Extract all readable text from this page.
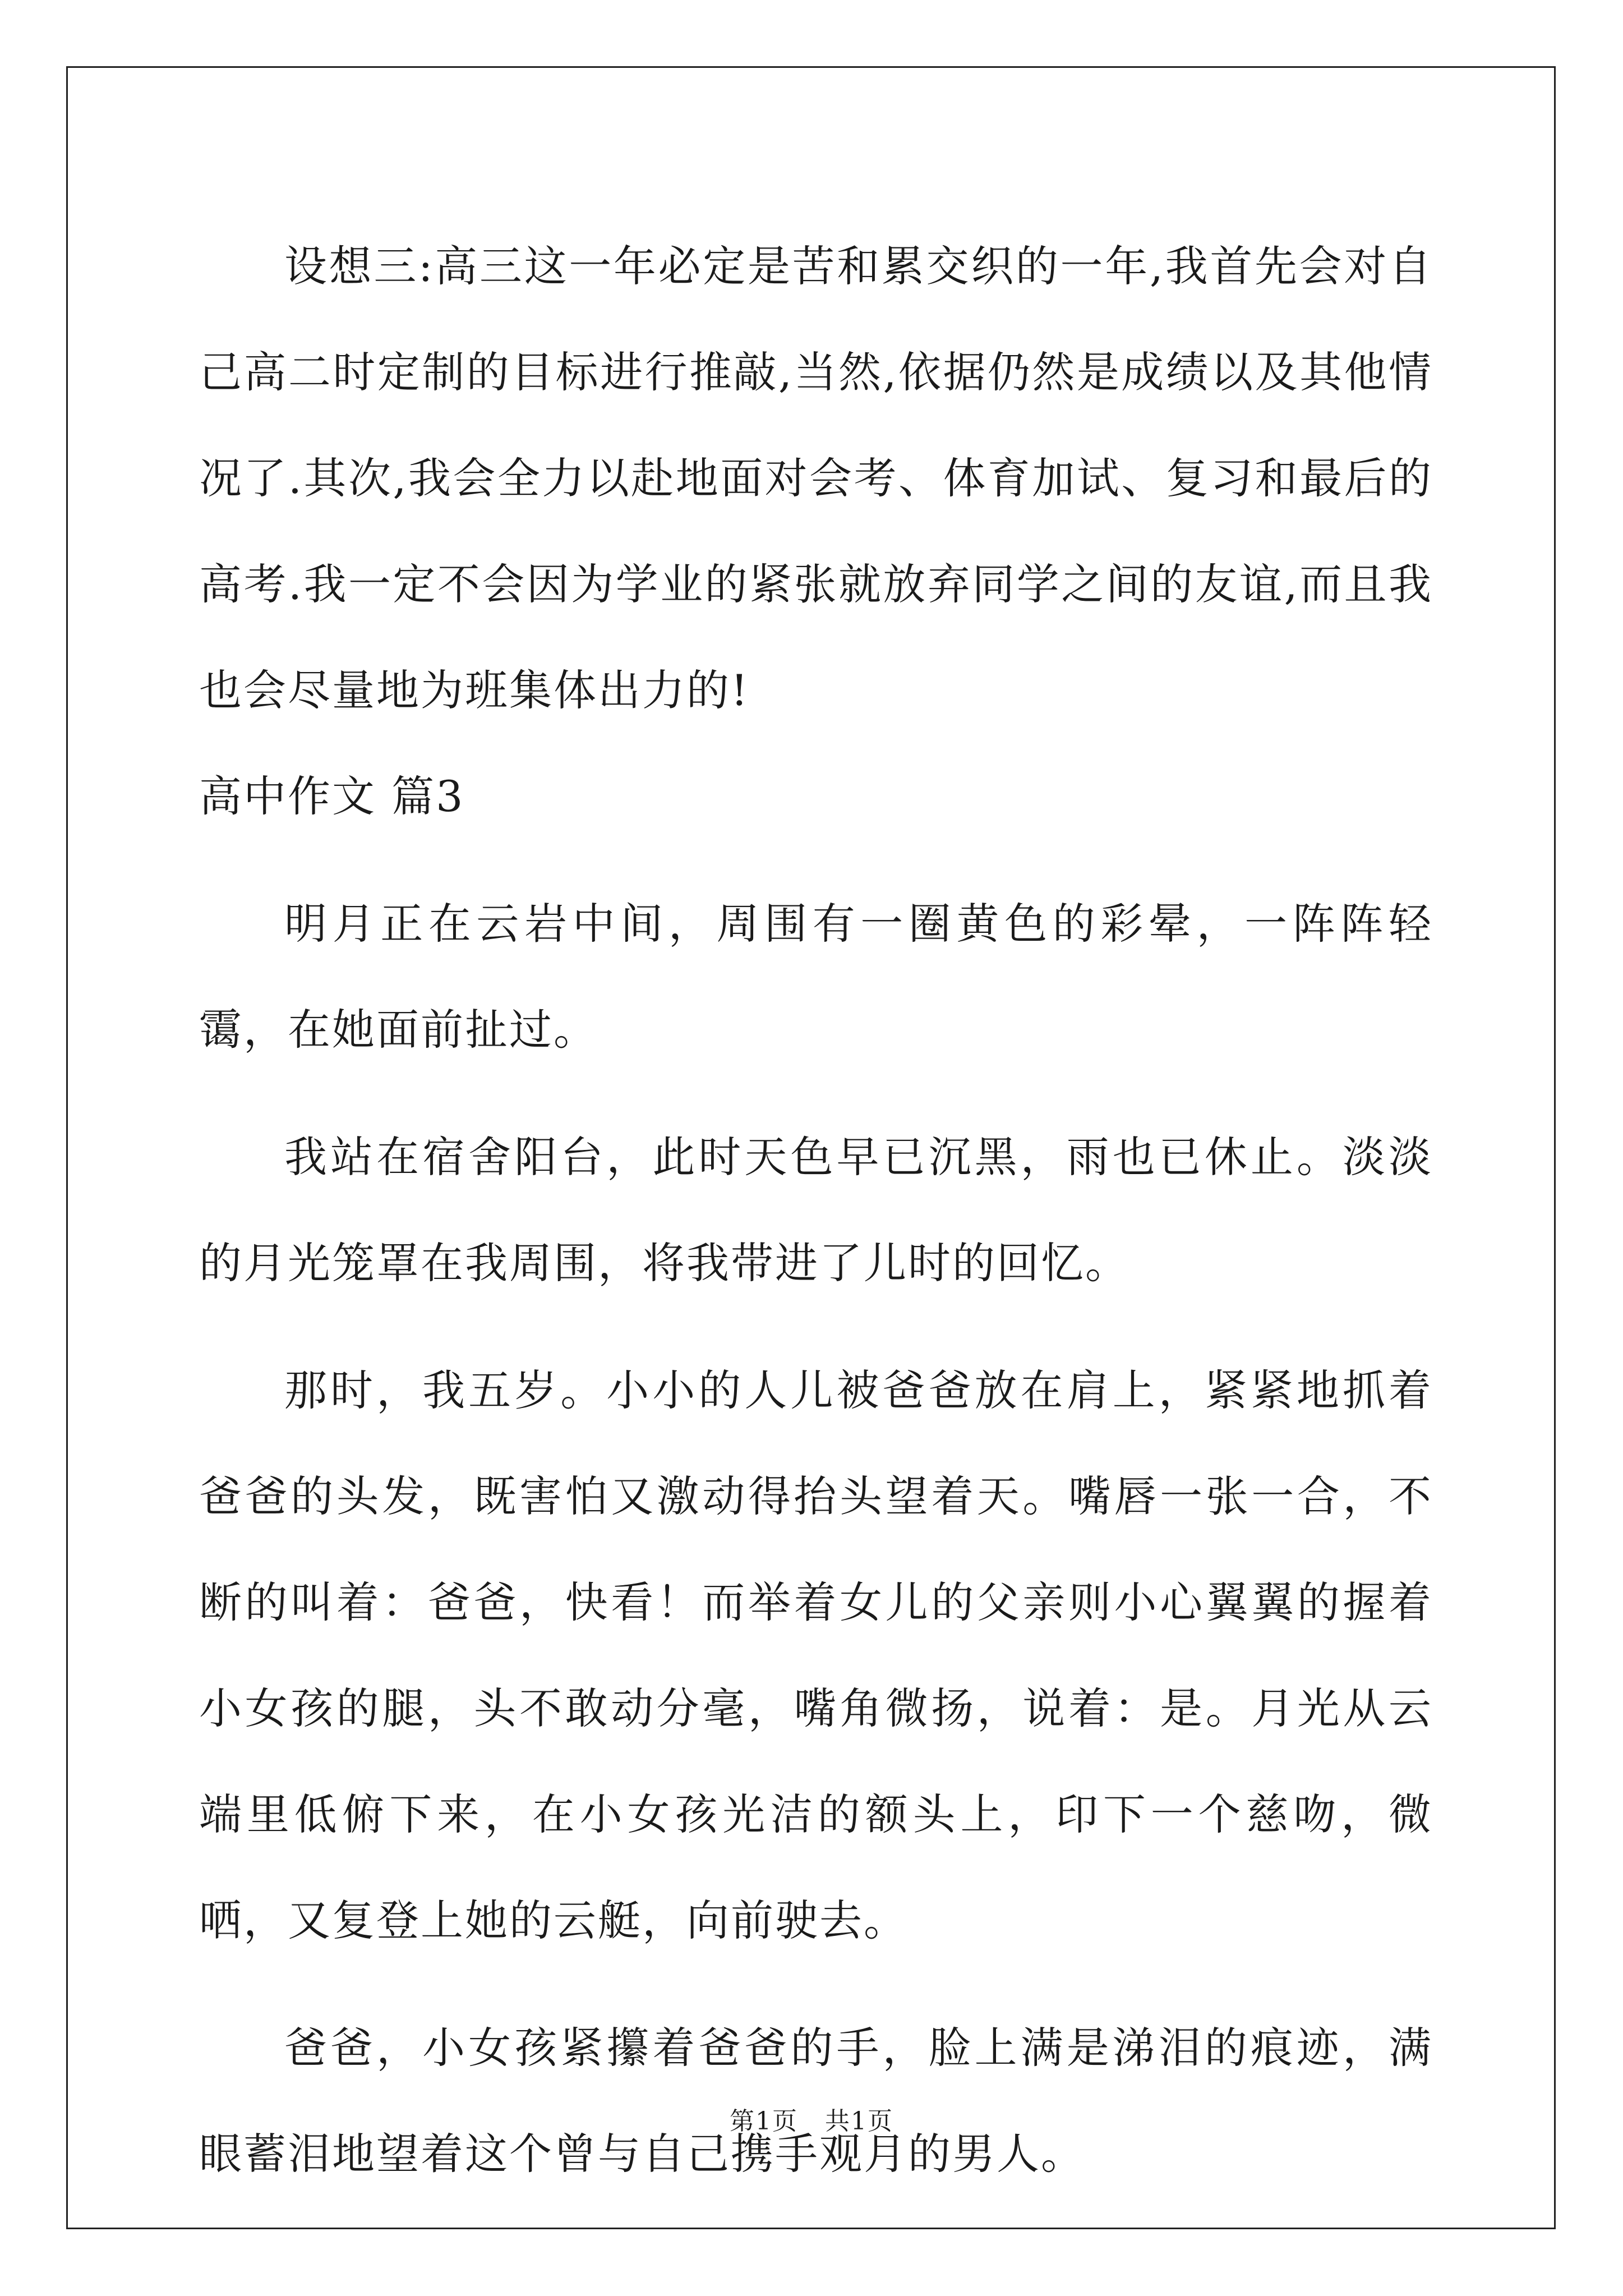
设想三:高三这一年必定是苦和累交织的一年,我首先会对自己高二时定制的目标进行推敲,当然,依据仍然是成绩以及其他情况了.其次,我会全力以赴地面对会考、体育加试、复习和最后的高考.我一定不会因为学业的紧张就放弃同学之间的友谊,而且我也会尽量地为班集体出力的!

高中作文 篇3

明月正在云岩中间，周围有一圈黄色的彩晕，一阵阵轻霭，在她面前扯过。

我站在宿舍阳台，此时天色早已沉黑，雨也已休止。淡淡的月光笼罩在我周围，将我带进了儿时的回忆。

那时，我五岁。小小的人儿被爸爸放在肩上，紧紧地抓着爸爸的头发，既害怕又激动得抬头望着天。嘴唇一张一合，不断的叫着：爸爸，快看！而举着女儿的父亲则小心翼翼的握着小女孩的腿，头不敢动分毫，嘴角微扬，说着：是。月光从云端里低俯下来，在小女孩光洁的额头上，印下一个慈吻，微哂，又复登上她的云艇，向前驶去。

爸爸，小女孩紧攥着爸爸的手，脸上满是涕泪的痕迹，满眼蓄泪地望着这个曾与自己携手观月的男人。

第1页 共1页
